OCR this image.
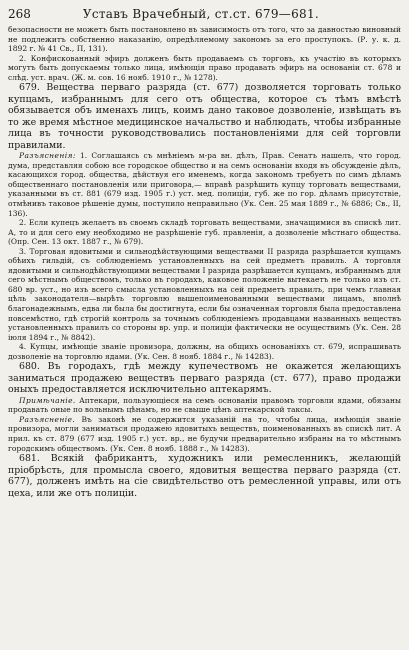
268	Уставъ Врачебный, ст.ст. 679—681.

безопасности не можетъ быть постановлено въ зависимость отъ того, что за давностью виновный не подлежитъ собственно наказанію, опредѣляемому закономъ за его проступокъ. (Р. у. к. д. 1892 г. № 41 Св., П, 131).

2. Конфискованный эфиръ долженъ быть продаваемъ съ торговъ, къ участію въ которыхъ могутъ быть допускаемы только лица, имѣющія право продавать эфиръ на основаніи ст. 678 и слѣд. уст. врач. (Ж. м. сов. 16 нояб. 1910 г., № 1278).

679. Вещества перваго разряда (ст. 677) дозволяется торговать только купцамъ, избраннымъ для сего отъ общества, которое съ тѣмъ вмѣстѣ обязывается объ именахъ лицъ, коимъ дано таковое дозволеніе, извѣщать въ то же время мѣстное медицинское начальство и наблюдать, чтобы избранные лица въ точности руководствовались постановленіями для сей торговли правилами.

Разъясненія: 1. Соглашаясь съ мнѣніемъ м-ра вн. дѣлъ, Прав. Сенатъ нашелъ, что город. дума, представляя собою все городское общество и на семъ основаніи входя въ обсужденіе дѣлъ, касающихся город. общества, дѣйствуя его именемъ, когда закономъ требуетъ по симъ дѣламъ общественнаго постановленія или приговора,— вправѣ разрѣшить купцу торговать веществами, указанными въ ст. 881 (679 изд. 1905 г.) уст. мед. полиціи, губ. же по гор. дѣламъ присутствіе, отмѣнивъ таковое рѣшеніе думы, поступило неправильно (Ук. Сен. 25 мая 1889 г., № 6886; Св., II, 136).

2. Если купецъ желаетъ въ своемъ складѣ торговать веществами, значащимися въ спискѣ лит. А, то и для сего ему необходимо не разрѣшеніе губ. правленія, а дозволеніе мѣстнаго общества. (Опр. Сен. 13 окт. 1887 г., № 679).

3. Торговая ядовитыми и сильнодѣйствующими веществами II разряда разрѣшается купцамъ обѣихъ гильдій, съ соблюденіемъ установленныхъ на сей предметъ правилъ. А торговля ядовитыми и сильнодѣйствующими веществами I разряда разрѣшается купцамъ, избраннымъ для сего мѣстнымъ обществомъ, только въ городахъ, каковое положеніе вытекаетъ не только изъ ст. 680 вр. уст., но изъ всего смысла установленныхъ на сей предметъ правилъ, при чемъ главная цѣль законодателя—вырѣть торговлю вышепоименованными веществами лицамъ, вполнѣ благонадежнымъ, едва ли была бы достигнута, если бы означенная торговля была предоставлена повсемѣстно, гдѣ строгій контроль за точнымъ соблюденіемъ продавцами названныхъ веществъ установленныхъ правилъ со стороны вр. упр. и полиціи фактически не осуществимъ (Ук. Сен. 28 іюля 1894 г., № 8842).

4. Купцы, имѣющіе званіе провизора, должны, на общихъ основаніяхъ ст. 679, испрашивать дозволеніе на торговлю ядами. (Ук. Сен. 8 нояб. 1884 г., № 14283).

680. Въ городахъ, гдѣ между купечествомъ не окажется желающихъ заниматься продажею веществъ перваго разряда (ст. 677), право продажи оныхъ предоставляется исключительно аптекарямъ.

Примѣчаніе. Аптекари, пользующіеся на семъ основаніи правомъ торговли ядами, обязаны продавать оные по вольнымъ цѣнамъ, но не свыше цѣнъ аптекарской таксы.

Разъясненіе. Въ законѣ не содержится указаній на то, чтобы лица, имѣющія званіе провизора, могли заниматься продажею ядовитыхъ веществъ, поименованныхъ въ спискѣ лит. А прил. къ ст. 879 (677 изд. 1905 г.) уст. вр., не будучи предварительно избраны на то мѣстнымъ городскимъ обществомъ. (Ук. Сен. 8 нояб. 1888 г., № 14283).

681. Всякій фабрикантъ, художникъ или ремесленникъ, желающій пріобрѣсть, для промысла своего, ядовитыя вещества перваго разряда (ст. 677), долженъ имѣть на сіе свидѣтельство отъ ремесленной управы, или отъ цеха, или же отъ полиціи.
